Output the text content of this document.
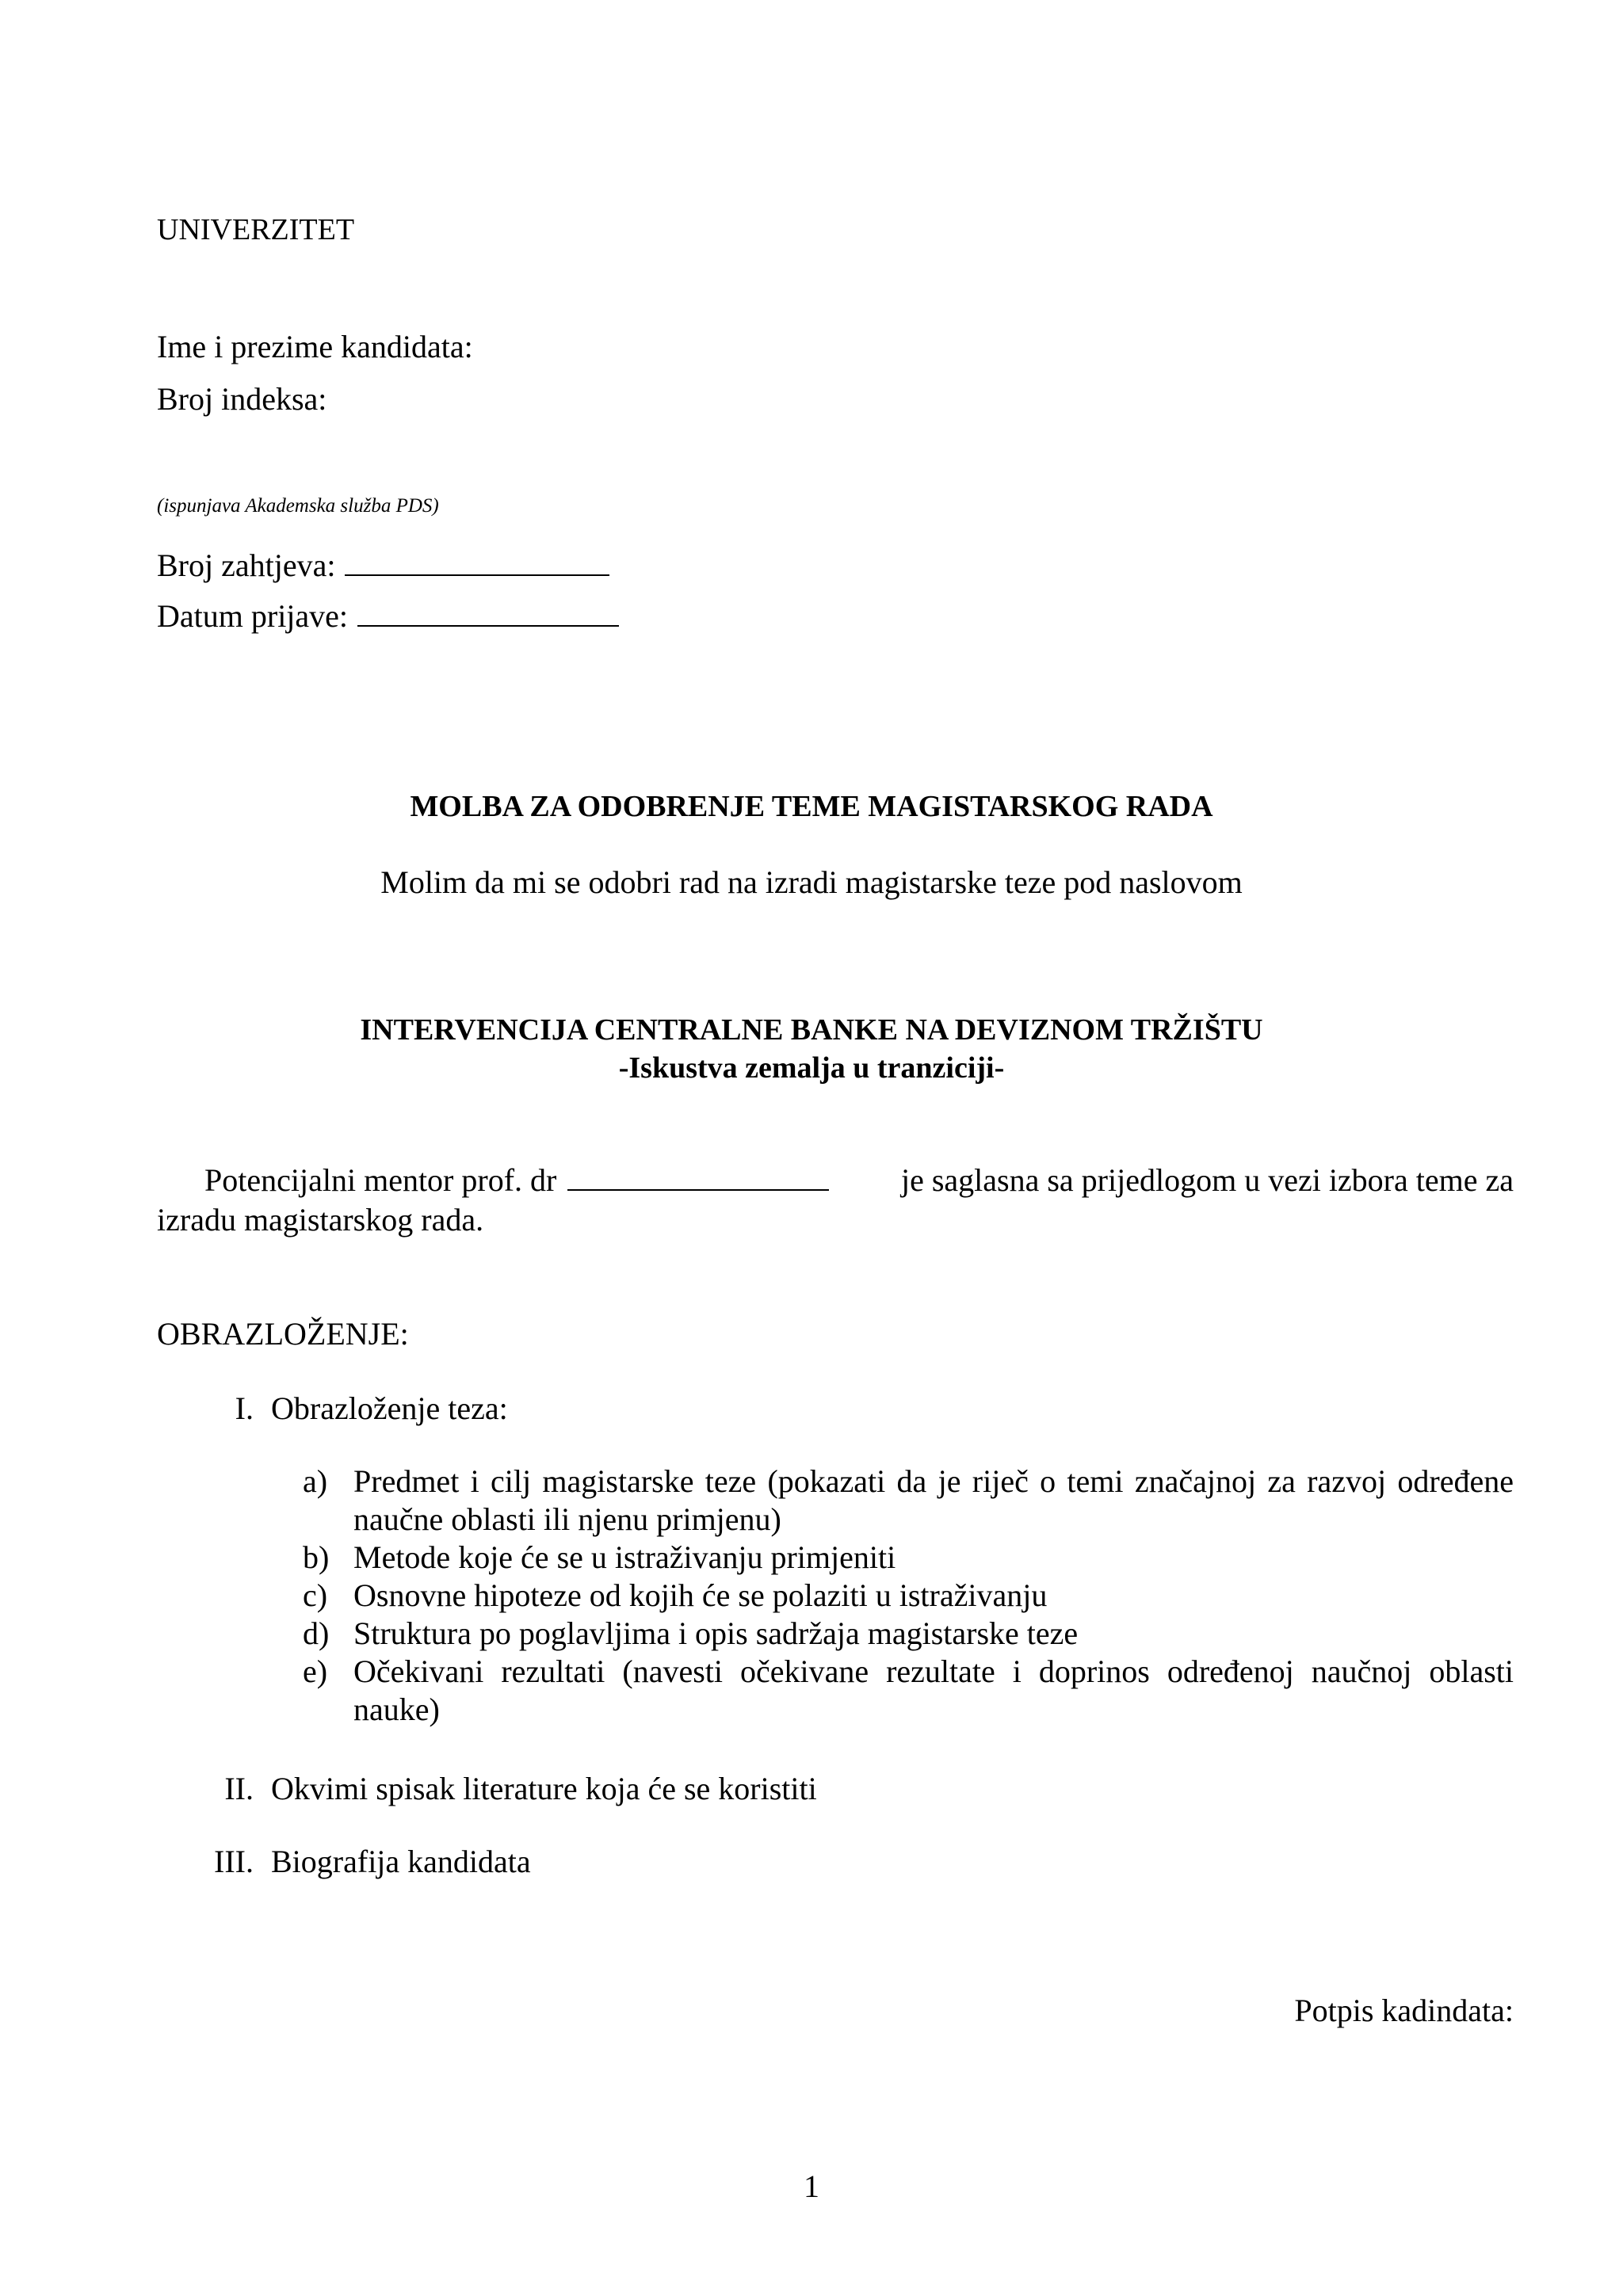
UNIVERZITET
Ime i prezime kandidata:
Broj indeksa:
(ispunjava Akademska služba PDS)
Broj zahtjeva:
Datum prijave:
MOLBA ZA ODOBRENJE TEME MAGISTARSKOG RADA
Molim da mi se odobri rad na izradi magistarske teze pod naslovom
INTERVENCIJA CENTRALNE BANKE NA DEVIZNOM TRŽIŠTU
-Iskustva zemalja u tranziciji-
Potencijalni mentor prof. dr	je saglasna sa prijedlogom u vezi izbora teme za
izradu magistarskog rada.
OBRAZLOŽENJE:
I. Obrazloženje teza:
a) Predmet i cilj magistarske teze (pokazati da je riječ o temi značajnoj za razvoj određene
naučne oblasti ili njenu primjenu)
b) Metode koje će se u istraživanju primjeniti
c) Osnovne hipoteze od kojih će se polaziti u istraživanju
d) Struktura po poglavljima i opis sadržaja magistarske teze
e) Očekivani rezultati (navesti očekivane rezultate i doprinos određenoj naučnoj oblasti
nauke)
II. Okvimi spisak literature koja će se koristiti
III. Biografija kandidata
Potpis kadindata:
1
